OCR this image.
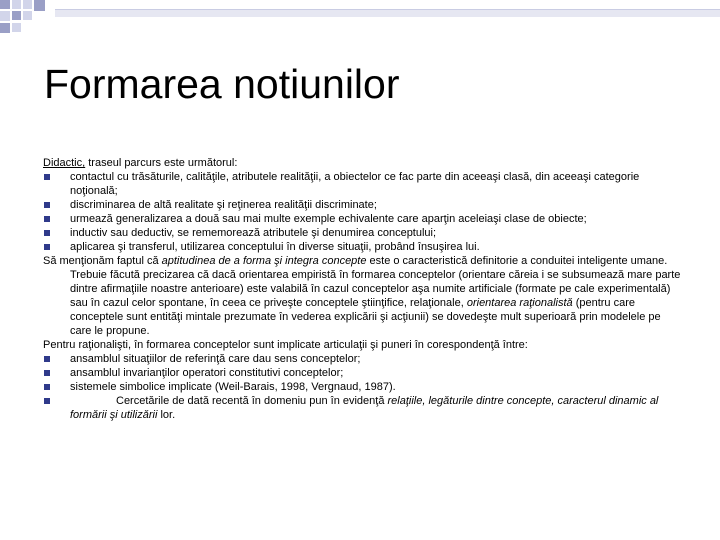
Formarea notiunilor

Didactic, traseul parcurs este următorul:

contactul cu trăsăturile, calităţile, atributele realităţii, a obiectelor ce fac parte din aceeaşi clasă, din aceeaşi categorie noţională;
discriminarea de altă realitate şi reţinerea realităţii discriminate;
urmează generalizarea a două sau mai multe exemple echivalente care aparţin aceleiaşi clase de obiecte;
inductiv sau deductiv, se rememorează atributele şi denumirea conceptului;
aplicarea şi transferul, utilizarea conceptului în diverse situaţii, probând însuşirea lui.

Să menţionăm faptul că aptitudinea de a forma şi integra concepte este o caracteristică definitorie a conduitei inteligente umane. Trebuie făcută precizarea că dacă orientarea empiristă în formarea conceptelor (orientare căreia i se subsumează mare parte dintre afirmaţiile noastre anterioare) este valabilă în cazul conceptelor aşa numite artificiale (formate pe cale experimentală) sau în cazul celor spontane, în ceea ce priveşte conceptele ştiinţifice, relaţionale, orientarea raţionalistă (pentru care conceptele sunt entităţi mintale prezumate în vederea explicării şi acţiunii) se dovedeşte mult superioară prin modelele pe care le propune.

Pentru raţionalişti, în formarea conceptelor sunt implicate articulaţii şi puneri în corespondenţă între:

ansamblul situaţiilor de referinţă care dau sens conceptelor;
ansamblul invarianţilor operatori constitutivi conceptelor;
sistemele simbolice implicate (Weil-Barais, 1998, Vergnaud, 1987).
Cercetările de dată recentă în domeniu pun în evidenţă relaţiile, legăturile dintre concepte, caracterul dinamic al formării şi utilizării lor.
